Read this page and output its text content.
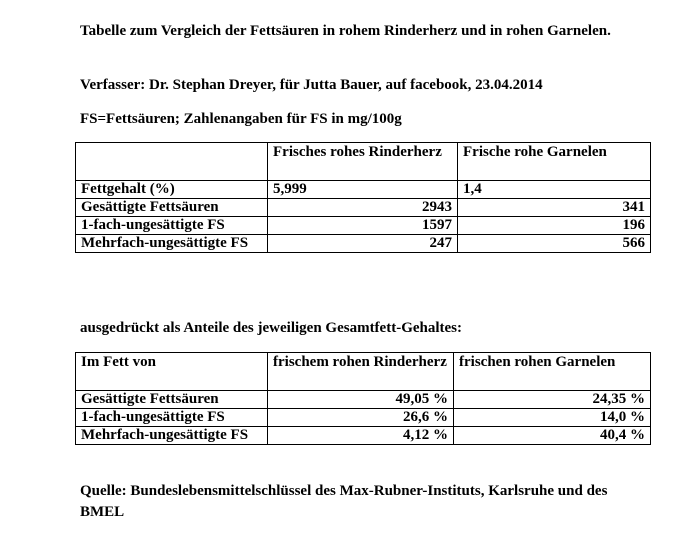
Tabelle zum Vergleich der Fettsäuren in rohem Rinderherz und in rohen Garnelen.

Verfasser: Dr. Stephan Dreyer, für Jutta Bauer, auf facebook, 23.04.2014

FS=Fettsäuren; Zahlenangaben für FS in mg/100g

	Frisches rohes Rinderherz	Frische rohe Garnelen
Fettgehalt (%)	5,999	1,4
Gesättigte Fettsäuren	2943	341
1-fach-ungesättigte FS	1597	196
Mehrfach-ungesättigte FS	247	566

ausgedrückt als Anteile des jeweiligen Gesamtfett-Gehaltes:

Im Fett von	frischem rohen Rinderherz	frischen rohen Garnelen
Gesättigte Fettsäuren	49,05 %	24,35 %
1-fach-ungesättigte FS	26,6 %	14,0 %
Mehrfach-ungesättigte FS	4,12 %	40,4 %

Quelle: Bundeslebensmittelschlüssel des Max-Rubner-Instituts, Karlsruhe und des BMEL
